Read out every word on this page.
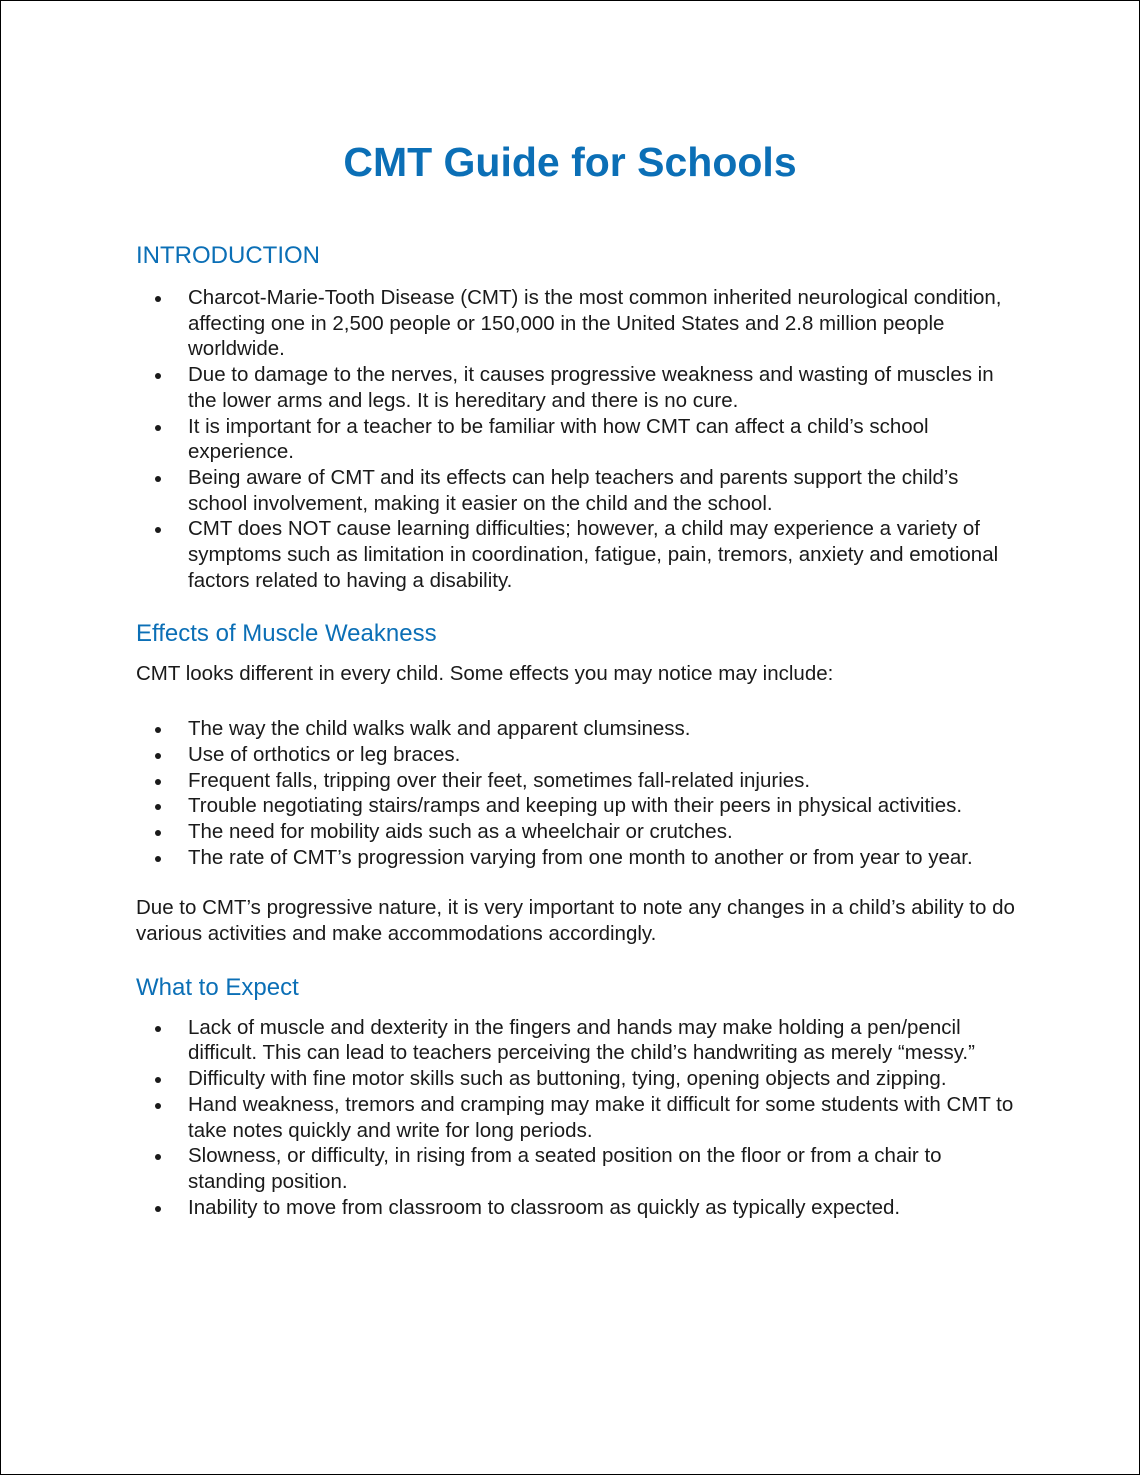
CMT Guide for Schools
INTRODUCTION
Charcot-Marie-Tooth Disease (CMT) is the most common inherited neurological condition, affecting one in 2,500 people or 150,000 in the United States and 2.8 million people worldwide.
Due to damage to the nerves, it causes progressive weakness and wasting of muscles in the lower arms and legs. It is hereditary and there is no cure.
It is important for a teacher to be familiar with how CMT can affect a child’s school experience.
Being aware of CMT and its effects can help teachers and parents support the child’s school involvement, making it easier on the child and the school.
CMT does NOT cause learning difficulties; however, a child may experience a variety of symptoms such as limitation in coordination, fatigue, pain, tremors, anxiety and emotional factors related to having a disability.
Effects of Muscle Weakness

CMT looks different in every child. Some effects you may notice may include:

The way the child walks walk and apparent clumsiness.
Use of orthotics or leg braces.
Frequent falls, tripping over their feet, sometimes fall-related injuries.
Trouble negotiating stairs/ramps and keeping up with their peers in physical activities.
The need for mobility aids such as a wheelchair or crutches.
The rate of CMT’s progression varying from one month to another or from year to year.

Due to CMT’s progressive nature, it is very important to note any changes in a child’s ability to do various activities and make accommodations accordingly.

What to Expect
Lack of muscle and dexterity in the fingers and hands may make holding a pen/pencil difficult. This can lead to teachers perceiving the child’s handwriting as merely “messy.”
Difficulty with fine motor skills such as buttoning, tying, opening objects and zipping.
Hand weakness, tremors and cramping may make it difficult for some students with CMT to take notes quickly and write for long periods.
Slowness, or difficulty, in rising from a seated position on the floor or from a chair to standing position.
Inability to move from classroom to classroom as quickly as typically expected.
